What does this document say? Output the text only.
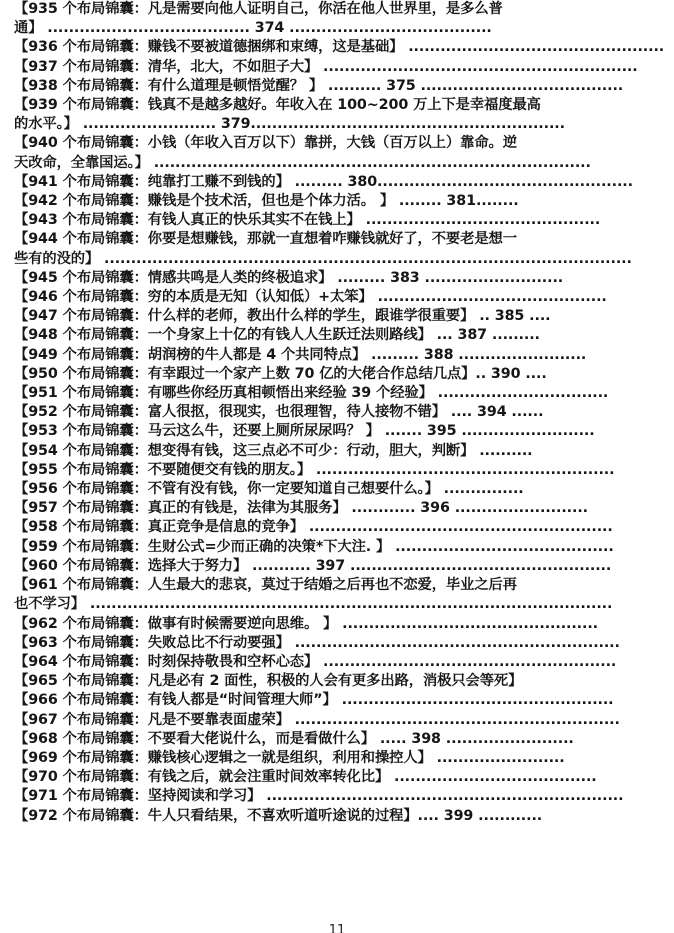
【935 个布局锦囊：凡是需要向他人证明自己，你活在他人世界里，是多么普
通】 ...................................... 374 ......................................
【936 个布局锦囊：赚钱不要被道德捆绑和束缚，这是基础】 ................................................
【937 个布局锦囊：清华，北大，不如胆子大】 ...........................................................
【938 个布局锦囊：有什么道理是顿悟觉醒？ 】 .......... 375 ......................................
【939 个布局锦囊：钱真不是越多越好。年收入在 100~200 万上下是幸福度最高
的水平。】 ......................... 379...........................................................
【940 个布局锦囊：小钱（年收入百万以下）靠拼，大钱（百万以上）靠命。逆
天改命，全靠国运。】 ..................................................................................
【941 个布局锦囊：纯靠打工赚不到钱的】 ......... 380................................................
【942 个布局锦囊：赚钱是个技术活，但也是个体力活。 】 ........ 381........
【943 个布局锦囊：有钱人真正的快乐其实不在钱上】 ............................................
【944 个布局锦囊：你要是想赚钱，那就一直想着咋赚钱就好了，不要老是想一
些有的没的】 ...................................................................................................
【945 个布局锦囊：情感共鸣是人类的终极追求】 ......... 383 ..........................
【946 个布局锦囊：穷的本质是无知（认知低）+太笨】 ...........................................
【947 个布局锦囊：什么样的老师，教出什么样的学生，跟谁学很重要】 .. 385 ....
【948 个布局锦囊：一个身家上十亿的有钱人人生跃迁法则路线】 ... 387 .........
【949 个布局锦囊：胡润榜的牛人都是 4 个共同特点】 ......... 388 ........................
【950 个布局锦囊：有幸跟过一个家产上数 70 亿的大佬合作总结几点】.. 390 ....
【951 个布局锦囊：有哪些你经历真相顿悟出来经验 39 个经验】 ................................
【952 个布局锦囊：富人很抠，很现实，也很理智，待人接物不错】 .... 394 ......
【953 个布局锦囊：马云这么牛，还要上厕所尿尿吗？ 】 ....... 395 .........................
【954 个布局锦囊：想变得有钱，这三点必不可少：行动，胆大，判断】 ..........
【955 个布局锦囊：不要随便交有钱的朋友。】 ........................................................
【956 个布局锦囊：不管有没有钱，你一定要知道自己想要什么。】 ...............
【957 个布局锦囊：真正的有钱是，法律为其服务】 ............ 396 .........................
【958 个布局锦囊：真正竞争是信息的竞争】 .........................................................
【959 个布局锦囊：生财公式=少而正确的决策*下大注. 】 .........................................
【960 个布局锦囊：选择大于努力】 ........... 397 .................................................
【961 个布局锦囊：人生最大的悲哀，莫过于结婚之后再也不恋爱，毕业之后再
也不学习】 ..................................................................................................
【962 个布局锦囊：做事有时候需要逆向思维。 】 ................................................
【963 个布局锦囊：失败总比不行动要强】 .............................................................
【964 个布局锦囊：时刻保持敬畏和空杯心态】 .......................................................
【965 个布局锦囊：凡是必有 2 面性，积极的人会有更多出路，消极只会等死】
【966 个布局锦囊：有钱人都是“时间管理大师”】 ...................................................
【967 个布局锦囊：凡是不要靠表面虚荣】 .............................................................
【968 个布局锦囊：不要看大佬说什么，而是看做什么】 ..... 398 ........................
【969 个布局锦囊：赚钱核心逻辑之一就是组织，利用和操控人】 ........................
【970 个布局锦囊：有钱之后，就会注重时间效率转化比】 ......................................
【971 个布局锦囊：坚持阅读和学习】 ...................................................................
【972 个布局锦囊：牛人只看结果，不喜欢听道听途说的过程】.... 399 ............
11
